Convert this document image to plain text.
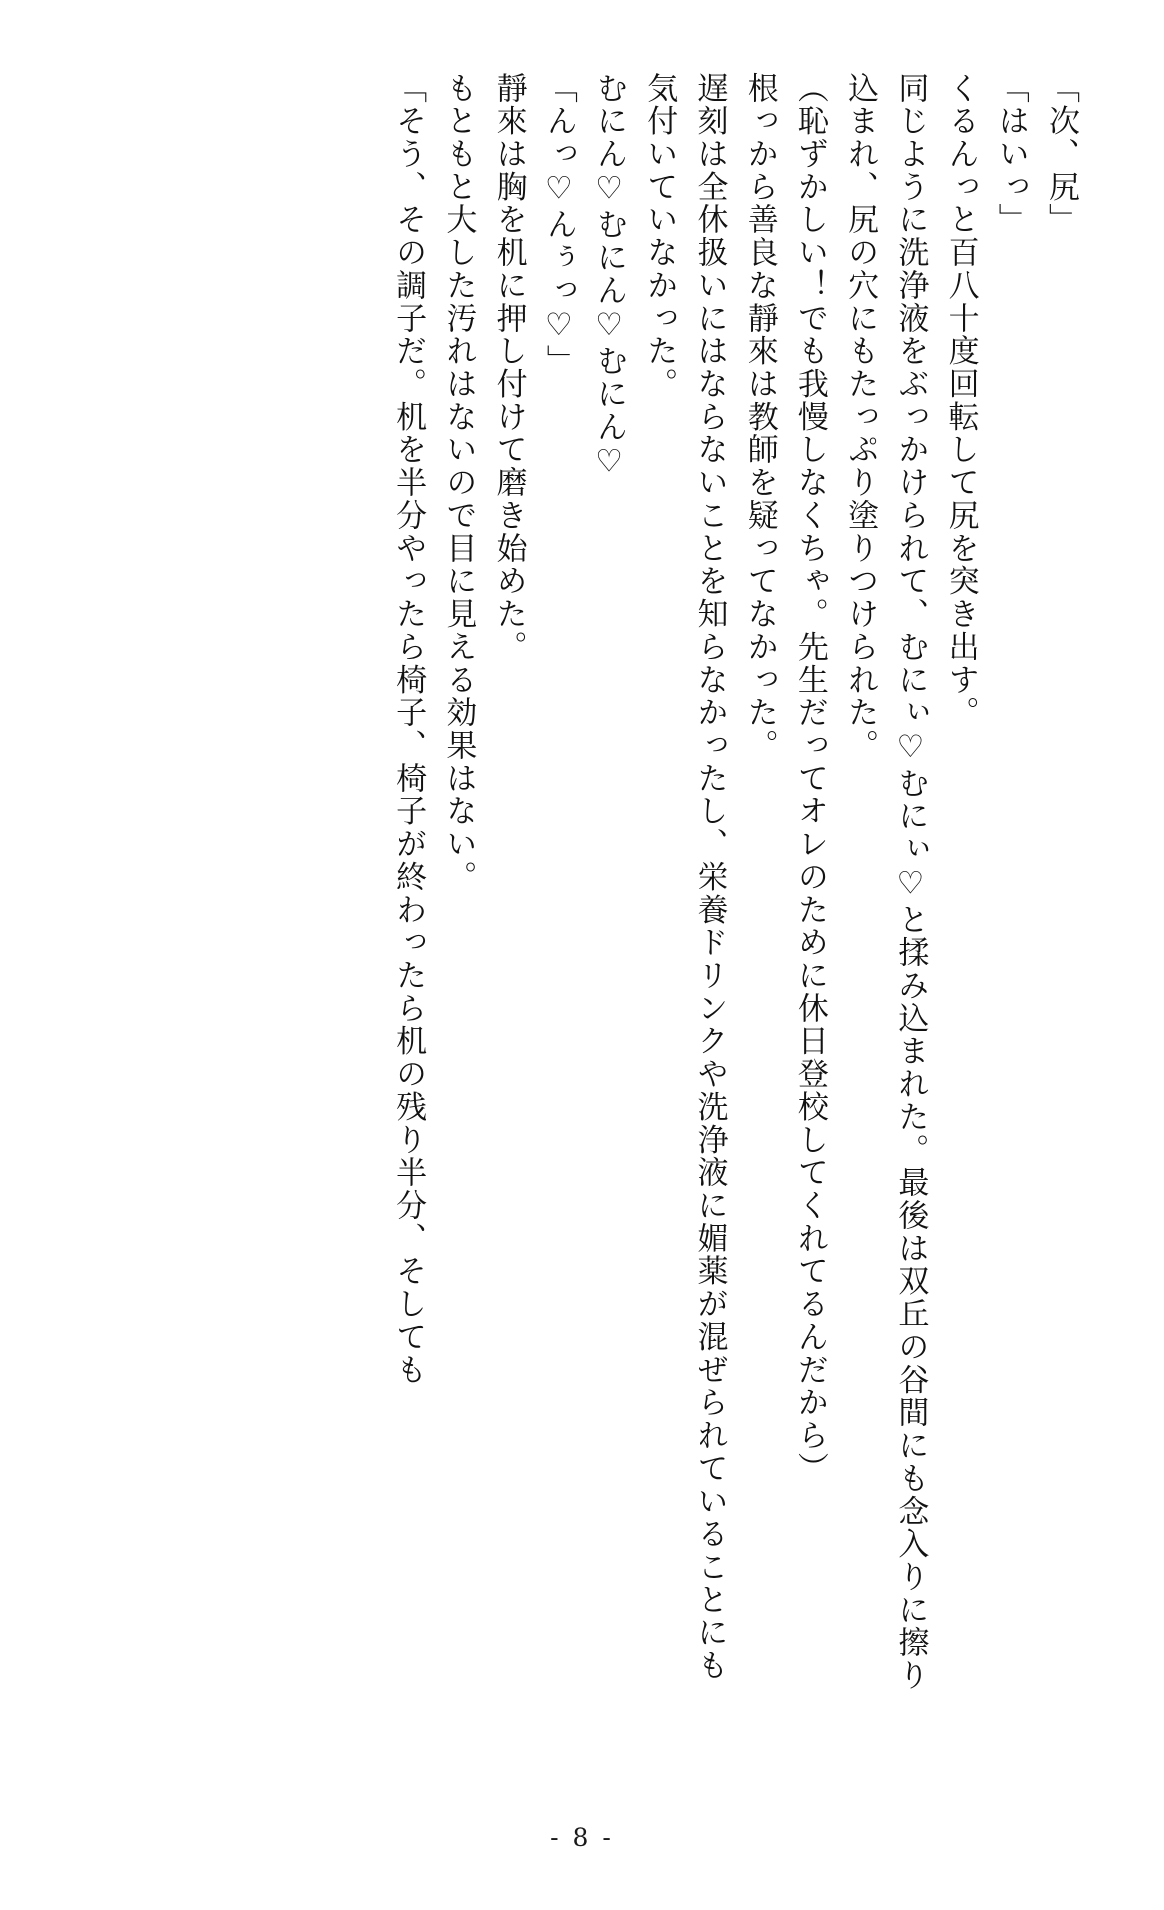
「次、尻」

「はいっ」

くるんっと百八十度回転して尻を突き出す。

同じように洗浄液をぶっかけられて、むにぃ♡むにぃ♡と揉み込まれた。最後は双丘の谷間にも念入りに擦り込まれ、尻の穴にもたっぷり塗りつけられた。

（恥ずかしい！でも我慢しなくちゃ。先生だってオレのために休日登校してくれてるんだから）

根っから善良な靜來は教師を疑ってなかった。

遅刻は全休扱いにはならないことを知らなかったし、栄養ドリンクや洗浄液に媚薬が混ぜられていることにも気付いていなかった。

むにん♡むにん♡むにん♡

「んっ♡んぅっ♡」

靜來は胸を机に押し付けて磨き始めた。

もともと大した汚れはないので目に見える効果はない。

「そう、その調子だ。机を半分やったら椅子、椅子が終わったら机の残り半分、そしても

- 8 -
